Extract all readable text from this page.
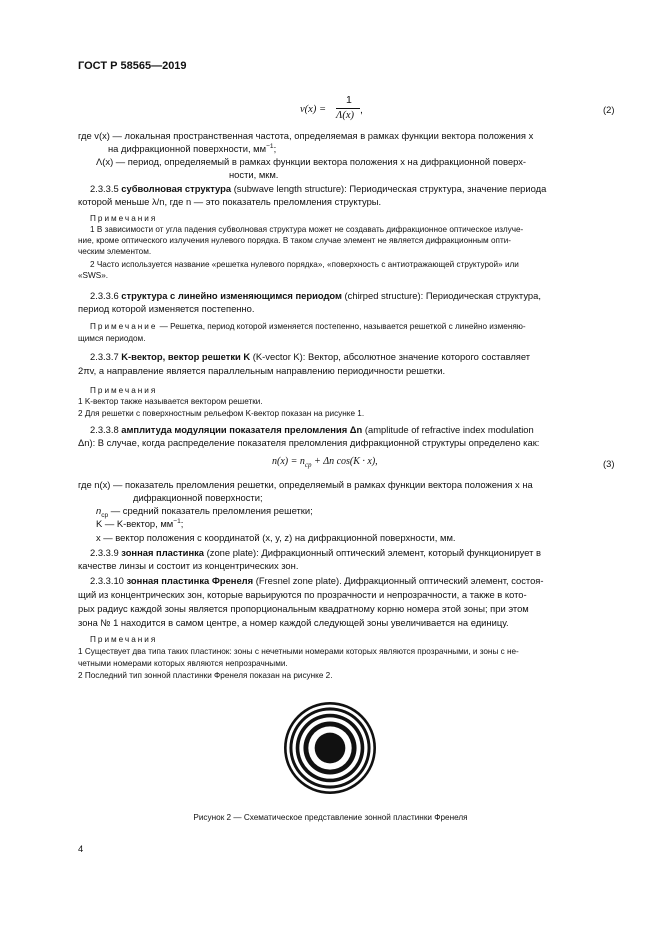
ГОСТ Р 58565—2019
v(x) =
1
Λ(x) ,	(2)
где v(x) — локальная пространственная частота, определяемая в рамках функции вектора положения x
на дифракционной поверхности, $мм^{-1}$;
Λ(x) — период, определяемый в рамках функции вектора положения x на дифракционной поверх-
ности, мкм.
2.3.3.5 субволновая структура (subwave length structure): Периодическая структура, значение периода
которой меньше λ/n, где n — это показатель преломления структуры.
Примечания
1 В зависимости от угла падения субволновая структура может не создавать дифракционное оптическое излуче-
ние, кроме оптического излучения нулевого порядка. В таком случае элемент не является дифракционным опти-
ческим элементом.
2 Часто используется название «решетка нулевого порядка», «поверхность с антиотражающей структурой» или
«SWS».
2.3.3.6 структура с линейно изменяющимся периодом (chirped structure): Периодическая структура,
период которой изменяется постепенно.
Примечание — Решетка, период которой изменяется постепенно, называется решеткой с линейно изменяю-
щимся периодом.
2.3.3.7 K-вектор, вектор решетки K (K-vector K): Вектор, абсолютное значение которого составляет
2πv, а направление является параллельным направлению периодичности решетки.
Примечания
1 K-вектор также называется вектором решетки.
2 Для решетки с поверхностным рельефом K-вектор показан на рисунке 1.
2.3.3.8 амплитуда модуляции показателя преломления Δn (amplitude of refractive index modulation
Δn): В случае, когда распределение показателя преломления дифракционной структуры определено как:
$n(x) = n_{ср} + \Delta n$ cos(K · x),	(3)
где n(x) — показатель преломления решетки, определяемый в рамках функции вектора положения x на
дифракционной поверхности;
$n_{ср}$ — средний показатель преломления решетки;
K — K-вектор, $мм^{-1}$;
x — вектор положения с координатой (x, y, z) на дифракционной поверхности, мм.
2.3.3.9 зонная пластинка (zone plate): Дифракционный оптический элемент, который функционирует в
качестве линзы и состоит из концентрических зон.
2.3.3.10 зонная пластинка Френеля (Fresnel zone plate). Дифракционный оптический элемент, состоя-
щий из концентрических зон, которые варьируются по прозрачности и непрозрачности, а также в кото-
рых радиус каждой зоны является пропорциональным квадратному корню номера этой зоны; при этом
зона № 1 находится в самом центре, а номер каждой следующей зоны увеличивается на единицу.
Примечания
1 Существует два типа таких пластинок: зоны с нечетными номерами которых являются прозрачными, и зоны с не-
четными номерами которых являются непрозрачными.
2 Последний тип зонной пластинки Френеля показан на рисунке 2.
Рисунок 2 — Схематическое представление зонной пластинки Френеля
4
